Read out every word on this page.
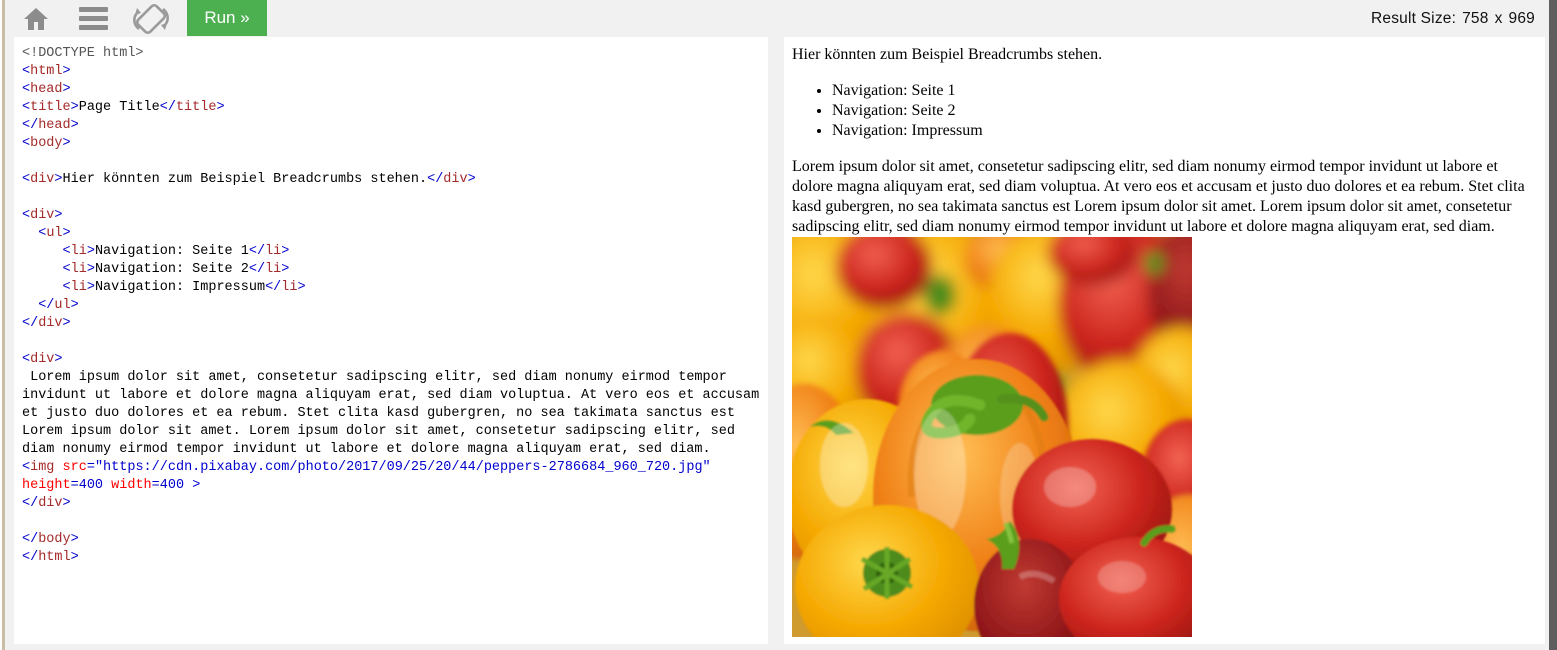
Run »	Result Size: 758 x 969
<!DOCTYPE html>
<html>
<head>
<title>Page Title</title>
</head>
<body>

<div>Hier könnten zum Beispiel Breadcrumbs stehen.</div>

<div>
<ul>
<li>Navigation: Seite 1</li>
<li>Navigation: Seite 2</li>
<li>Navigation: Impressum</li>
</ul>
</div>

<div>
Lorem ipsum dolor sit amet, consetetur sadipscing elitr, sed diam nonumy eirmod tempor invidunt ut labore et dolore magna aliquyam erat, sed diam voluptua. At vero eos et accusam et justo duo dolores et ea rebum. Stet clita kasd gubergren, no sea takimata sanctus est Lorem ipsum dolor sit amet. Lorem ipsum dolor sit amet, consetetur sadipscing elitr, sed diam nonumy eirmod tempor invidunt ut labore et dolore magna aliquyam erat, sed diam.
<img src="https://cdn.pixabay.com/photo/2017/09/25/20/44/peppers-2786684_960_720.jpg" height=400 width=400 >
</div>

</body>
</html>
Hier könnten zum Beispiel Breadcrumbs stehen.
• Navigation: Seite 1
• Navigation: Seite 2
• Navigation: Impressum
Lorem ipsum dolor sit amet, consetetur sadipscing elitr, sed diam nonumy eirmod tempor invidunt ut labore et dolore magna aliquyam erat, sed diam voluptua. At vero eos et accusam et justo duo dolores et ea rebum. Stet clita kasd gubergren, no sea takimata sanctus est Lorem ipsum dolor sit amet. Lorem ipsum dolor sit amet, consetetur sadipscing elitr, sed diam nonumy eirmod tempor invidunt ut labore et dolore magna aliquyam erat, sed diam.
